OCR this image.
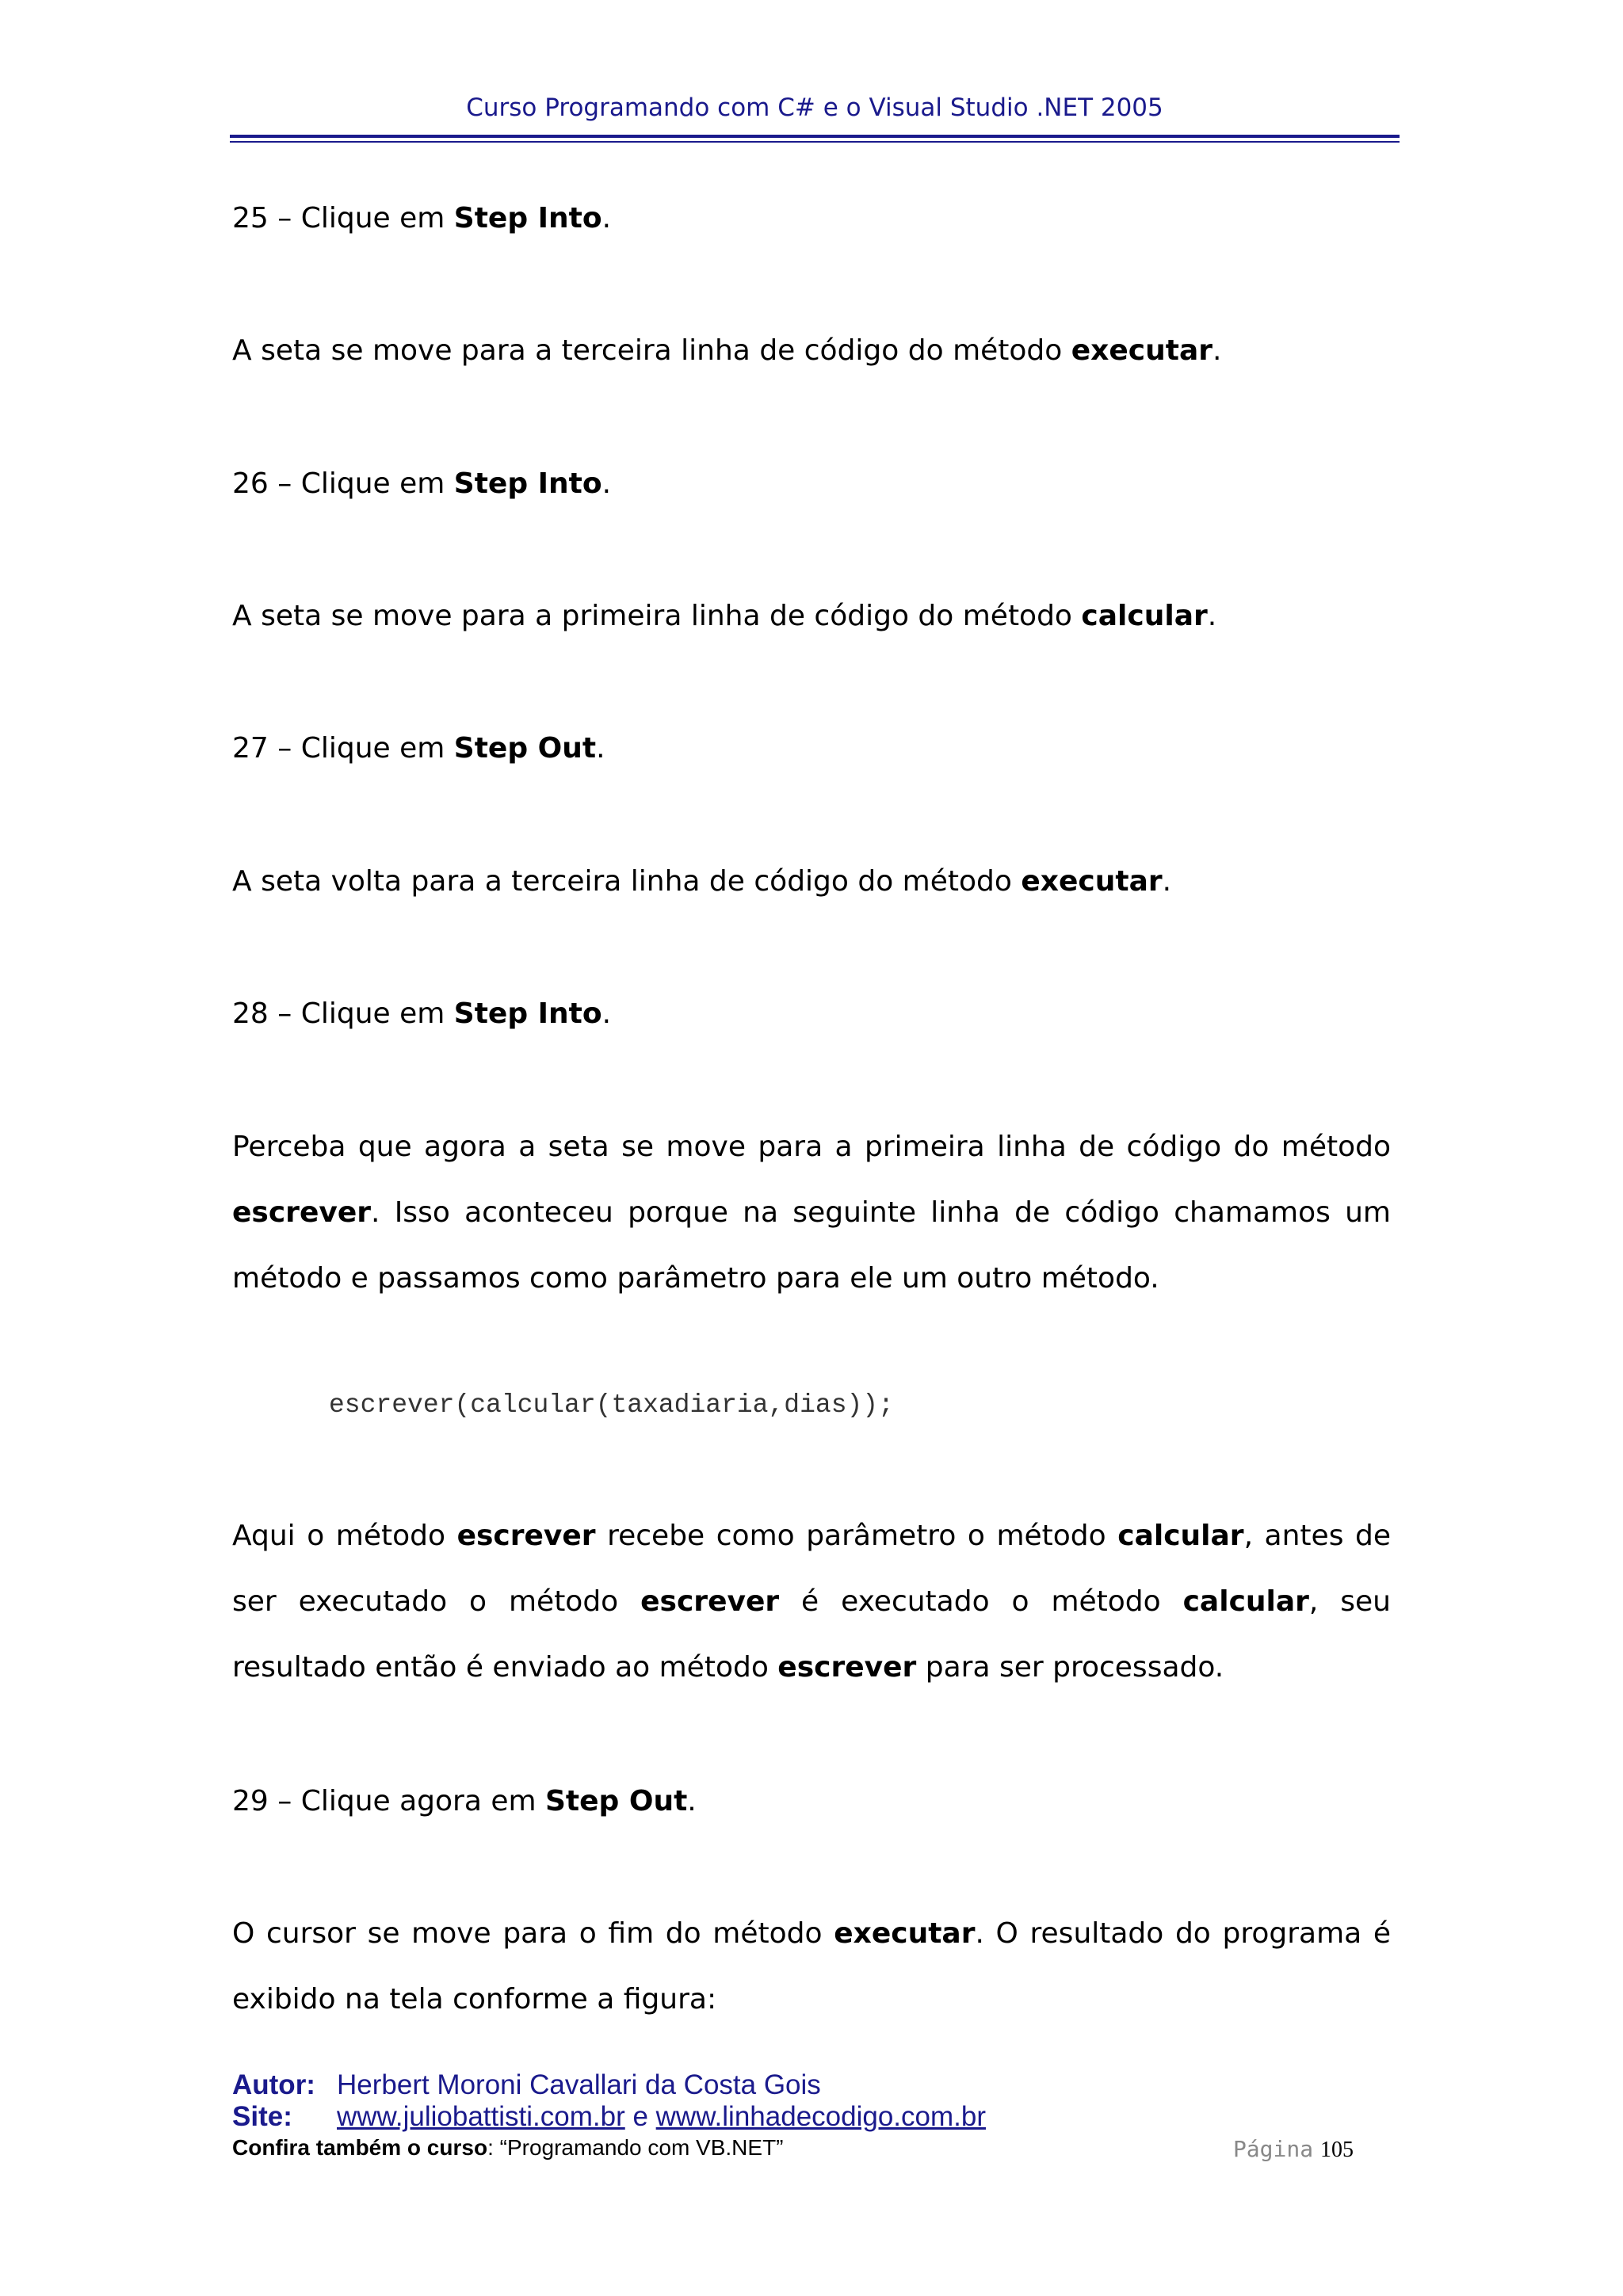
Curso Programando com C# e o Visual Studio .NET 2005

25 – Clique em Step Into.

A seta se move para a terceira linha de código do método executar.

26 – Clique em Step Into.

A seta se move para a primeira linha de código do método calcular.

27 – Clique em Step Out.

A seta volta para a terceira linha de código do método executar.

28 – Clique em Step Into.

Perceba que agora a seta se move para a primeira linha de código do método escrever. Isso aconteceu porque na seguinte linha de código chamamos um método e passamos como parâmetro para ele um outro método.

escrever(calcular(taxadiaria,dias));

Aqui o método escrever recebe como parâmetro o método calcular, antes de ser executado o método escrever é executado o método calcular, seu resultado então é enviado ao método escrever para ser processado.

29 – Clique agora em Step Out.

O cursor se move para o fim do método executar. O resultado do programa é exibido na tela conforme a figura:

Autor: Herbert Moroni Cavallari da Costa Gois
Site: www.juliobattisti.com.br e www.linhadecodigo.com.br
Confira também o curso: “Programando com VB.NET”	Página 105
